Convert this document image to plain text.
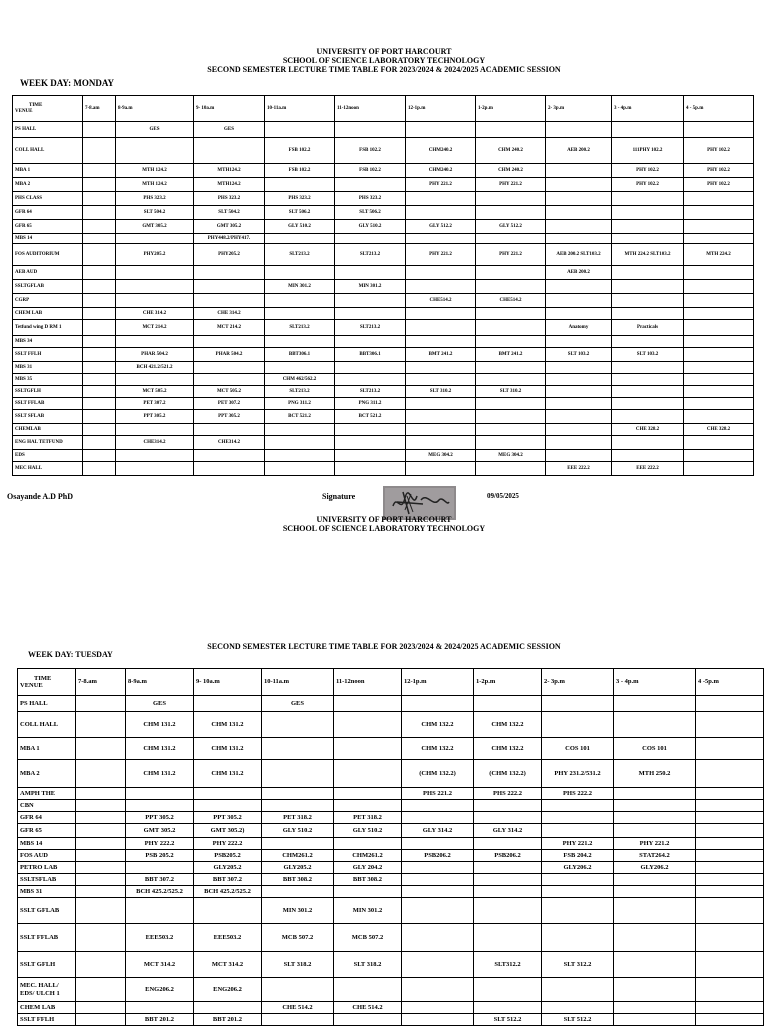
UNIVERSITY OF PORT HARCOURT
SCHOOL OF SCIENCE LABORATORY TECHNOLOGY
SECOND SEMESTER LECTURE TIME TABLE FOR 2023/2024 & 2024/2025 ACADEMIC SESSION
WEEK DAY: MONDAY
TIME
VENUE	7-8.am	8-9a.m	9- 10a.m	10-11a.m	11-12noon	12-1p.m	1-2p.m	2- 3p.m	3 - 4p.m	4 - 5p.m
PS HALL		GES	GES							
COLL HALL				FSB 102.2	FSB 102.2	CHM240.2	CHM 240.2	AEB 200.2	111PHY 102.2	PHY 102.2
MBA 1		MTH 124.2	MTH124.2	FSB 102.2	FSB 102.2	CHM240.2	CHM 240.2		PHY 102.2	PHY 102.2
MBA 2		MTH 124.2	MTH124.2			PHY 221.2	PHY 221.2		PHY 102.2	PHY 102.2
PHS CLASS		PHS 323.2	PHS 323.2	PHS 323.2	PHS 323.2					
GFR 64		SLT 504.2	SLT 504.2	SLT 506.2	SLT 506.2					
GFR 65		GMT 305.2	GMT 305.2	GLY 510.2	GLY 510.2	GLY 512.2	GLY 512.2			
MBS 14			PHY448.2/PHY417.							
FOS AUDITORIUM		PHY205.2	PHY205.2	SLT213.2	SLT213.2	PHY 221.2	PHY 221.2	AEB 200.2 SLT103.2	MTH 224.2 SLT103.2	MTH 224.2
AEB AUD								AEB 200.2		
SSLTGFLAB				MIN 301.2	MIN 301.2					
CGRP						CHE514.2	CHE514.2			
CHEM LAB		CHE 314.2	CHE 314.2							
Tetfund wing D RM 1		MCT 214.2	MCT 214.2	SLT213.2	SLT213.2			Anatomy	Practicals	
MBS 34										
SSLT FFLH		PHAR 504.2	PHAR 504.2	BBT306.1	BBT306.1	BMT 241.2	BMT 241.2	SLT 103.2	SLT 103.2	
MBS 31		BCH 421.2/521.2								
MBS 35				CHM 462/562.2						
SSLTGFLH		MCT 505.2	MCT 505.2	SLT213.2	SLT213.2	SLT 310.2	SLT 310.2			
SSLT FFLAB		PET 307.2	PET 307.2	PNG 311.2	PNG 311.2					
SSLT SFLAB		PPT 305.2	PPT 305.2	BCT 521.2	BCT 521.2					
CHEMLAB									CHE 328.2	CHE 328.2
ENG HAL TETFUND		CHE314.2	CHE314.2							
EDS						MEG 304.2	MEG 304.2			
MEC HALL								EEE 222.2	EEE 222.2	
Osayande A.D PhD	Signature	09/05/2025
UNIVERSITY OF PORT HARCOURT
SCHOOL OF SCIENCE LABORATORY TECHNOLOGY
SECOND SEMESTER LECTURE TIME TABLE FOR 2023/2024 & 2024/2025 ACADEMIC SESSION
WEEK DAY: TUESDAY
TIME
VENUE	7-8.am	8-9a.m	9- 10a.m	10-11a.m	11-12noon	12-1p.m	1-2p.m	2- 3p.m	3 - 4p.m	4 -5p.m
PS HALL		GES		GES						
COLL HALL		CHM 131.2	CHM 131.2			CHM 132.2	CHM 132.2			
MBA 1		CHM 131.2	CHM 131.2			CHM 132.2	CHM 132.2	COS 101	COS 101	
MBA 2		CHM 131.2	CHM 131.2			(CHM 132.2)	(CHM 132.2)	PHY 231.2/531.2	MTH 250.2	
AMPH THE						PHS 221.2	PHS 222.2	PHS 222.2		
CBN										
GFR 64		PPT 305.2	PPT 305.2	PET 318.2	PET 318.2					
GFR 65		GMT 305.2	GMT 305.2)	GLY 510.2	GLY 510.2	GLY 314.2	GLY 314.2			
MBS 14		PHY 222.2	PHY 222.2					PHY 221.2	PHY 221.2	
FOS AUD		PSB 205.2	PSB205.2	CHM261.2	CHM261.2	PSB206.2	PSB206.2	FSB 204.2	STAT264.2	
PETRO LAB			GLY205.2	GLY205.2	GLY 204.2			GLY206.2	GLY206.2	
SSLTSFLAB		BBT 307.2	BBT 307.2	BBT 308.2	BBT 308.2					
MBS 31		BCH 425.2/525.2	BCH 425.2/525.2							
SSLT GFLAB				MIN 301.2	MIN 301.2					
SSLT FFLAB		EEE503.2	EEE503.2	MCB 507.2	MCB 507.2					
SSLT GFLH		MCT 314.2	MCT 314.2	SLT 318.2	SLT 318.2		SLT312.2	SLT 312.2		
MEC. HALL/ EDS/ ULCH 1		ENG206.2	ENG206.2							
CHEM LAB				CHE 514.2	CHE 514.2					
SSLT FFLH		BBT 201.2	BBT 201.2				SLT 512.2	SLT 512.2		
